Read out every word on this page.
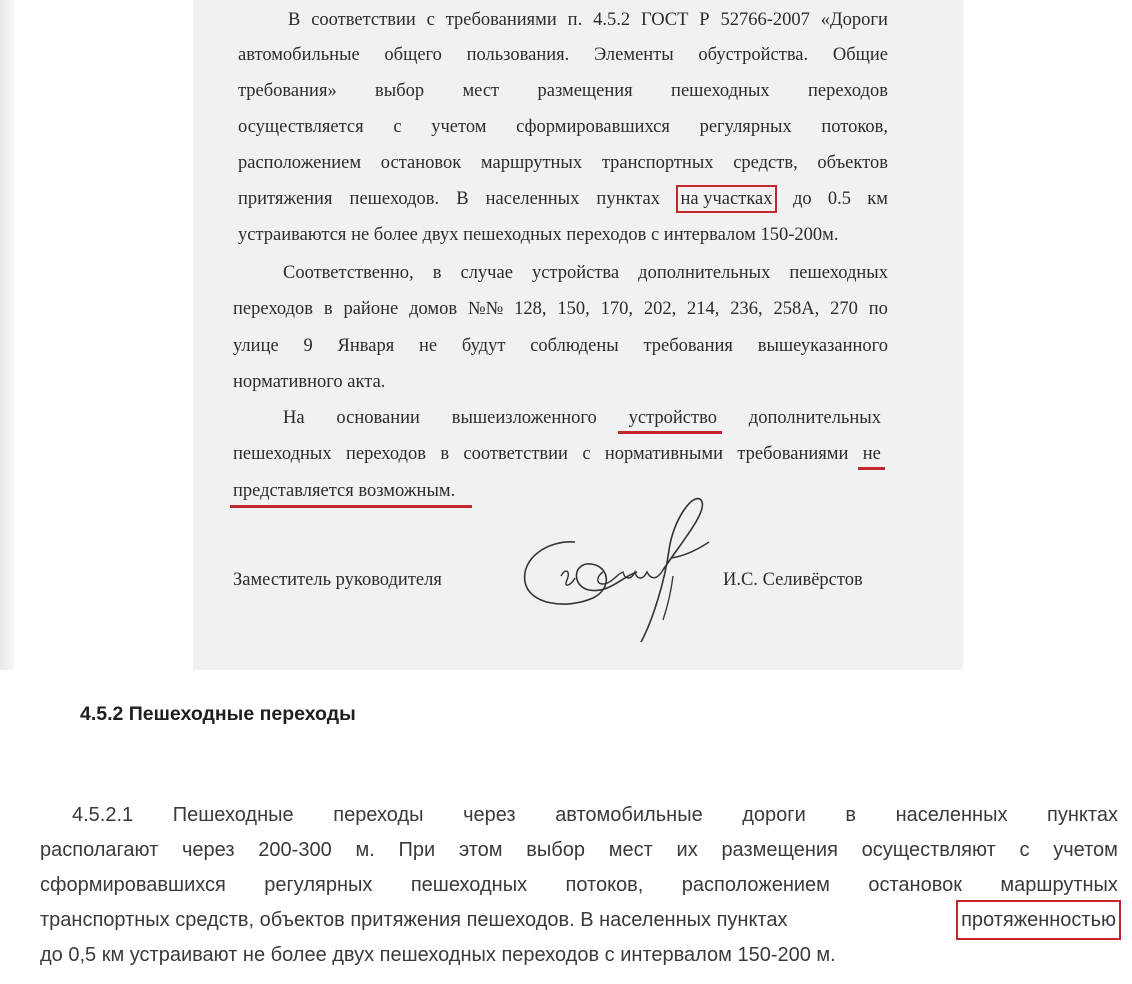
В соответствии с требованиями п. 4.5.2 ГОСТ Р 52766-2007 «Дороги
автомобильные общего пользования. Элементы обустройства. Общие
требования» выбор мест размещения пешеходных переходов
осуществляется с учетом сформировавшихся регулярных потоков,
расположением остановок маршрутных транспортных средств, объектов
притяжения пешеходов. В населенных пунктах на участках до 0.5 км
устраиваются не более двух пешеходных переходов с интервалом 150-200м.
Соответственно, в случае устройства дополнительных пешеходных
переходов в районе домов №№ 128, 150, 170, 202, 214, 236, 258А, 270 по
улице 9 Января не будут соблюдены требования вышеуказанного
нормативного акта.
На основании вышеизложенного устройство дополнительных
пешеходных переходов в соответствии с нормативными требованиями не
представляется возможным.
Заместитель руководителя	И.С. Селивёрстов
4.5.2 Пешеходные переходы
4.5.2.1 Пешеходные переходы через автомобильные дороги в населенных пунктах
располагают через 200-300 м. При этом выбор мест их размещения осуществляют с учетом
сформировавшихся регулярных пешеходных потоков, расположением остановок маршрутных
транспортных средств, объектов притяжения пешеходов. В населенных пунктах	протяженностью
до 0,5 км устраивают не более двух пешеходных переходов с интервалом 150-200 м.
